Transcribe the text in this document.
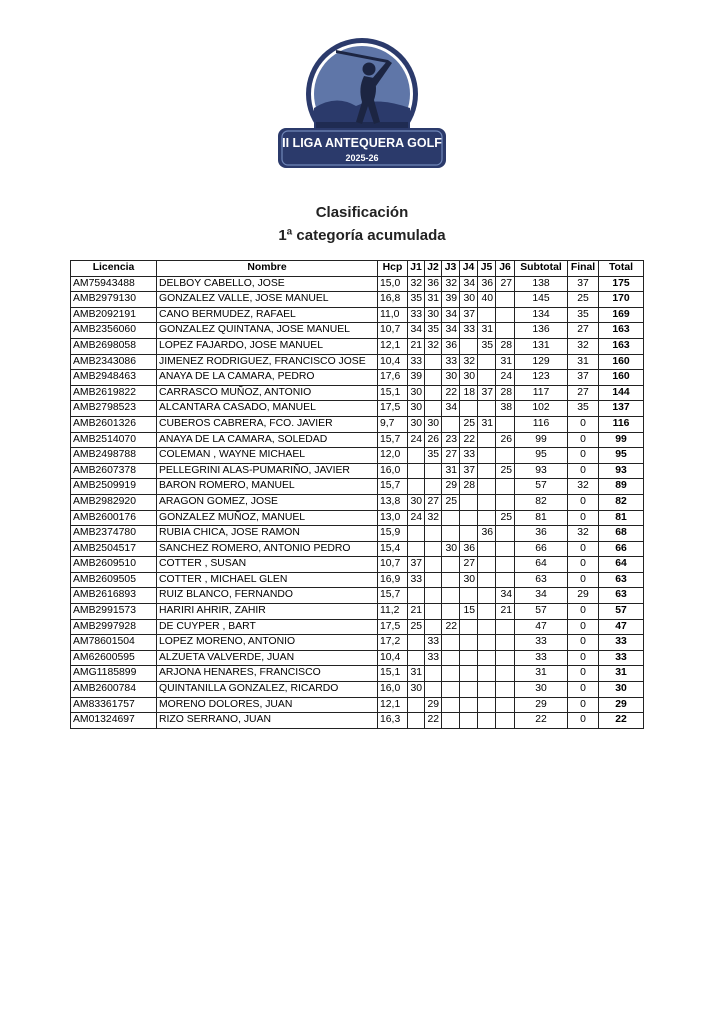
II LIGA ANTEQUERA GOLF
2025-26
Clasificación
1ª categoría acumulada
Licencia	Nombre	Hcp	J1	J2	J3	J4	J5	J6	Subtotal	Final	Total
AM75943488	DELBOY CABELLO, JOSE	15,0	32	36	32	34	36	27	138	37	175
AMB2979130	GONZALEZ VALLE, JOSE MANUEL	16,8	35	31	39	30	40		145	25	170
AMB2092191	CANO BERMUDEZ, RAFAEL	11,0	33	30	34	37			134	35	169
AMB2356060	GONZALEZ QUINTANA, JOSE MANUEL	10,7	34	35	34	33	31		136	27	163
AMB2698058	LOPEZ FAJARDO, JOSE MANUEL	12,1	21	32	36		35	28	131	32	163
AMB2343086	JIMENEZ RODRIGUEZ, FRANCISCO JOSE	10,4	33		33	32		31	129	31	160
AMB2948463	ANAYA DE LA CAMARA, PEDRO	17,6	39		30	30		24	123	37	160
AMB2619822	CARRASCO MUÑOZ, ANTONIO	15,1	30		22	18	37	28	117	27	144
AMB2798523	ALCANTARA CASADO, MANUEL	17,5	30		34			38	102	35	137
AMB2601326	CUBEROS CABRERA, FCO. JAVIER	9,7	30	30		25	31		116	0	116
AMB2514070	ANAYA DE LA CAMARA, SOLEDAD	15,7	24	26	23	22		26	99	0	99
AMB2498788	COLEMAN , WAYNE MICHAEL	12,0		35	27	33			95	0	95
AMB2607378	PELLEGRINI ALAS-PUMARIÑO, JAVIER	16,0			31	37		25	93	0	93
AMB2509919	BARON ROMERO, MANUEL	15,7			29	28			57	32	89
AMB2982920	ARAGON GOMEZ, JOSE	13,8	30	27	25				82	0	82
AMB2600176	GONZALEZ MUÑOZ, MANUEL	13,0	24	32				25	81	0	81
AMB2374780	RUBIA CHICA, JOSE RAMON	15,9					36		36	32	68
AMB2504517	SANCHEZ ROMERO, ANTONIO PEDRO	15,4			30	36			66	0	66
AMB2609510	COTTER , SUSAN	10,7	37			27			64	0	64
AMB2609505	COTTER , MICHAEL GLEN	16,9	33			30			63	0	63
AMB2616893	RUIZ BLANCO, FERNANDO	15,7						34	34	29	63
AMB2991573	HARIRI AHRIR, ZAHIR	11,2	21			15		21	57	0	57
AMB2997928	DE CUYPER , BART	17,5	25		22				47	0	47
AM78601504	LOPEZ MORENO, ANTONIO	17,2		33					33	0	33
AM62600595	ALZUETA VALVERDE, JUAN	10,4		33					33	0	33
AMG1185899	ARJONA HENARES, FRANCISCO	15,1	31						31	0	31
AMB2600784	QUINTANILLA GONZALEZ, RICARDO	16,0	30						30	0	30
AM83361757	MORENO DOLORES, JUAN	12,1		29					29	0	29
AM01324697	RIZO SERRANO, JUAN	16,3		22					22	0	22
